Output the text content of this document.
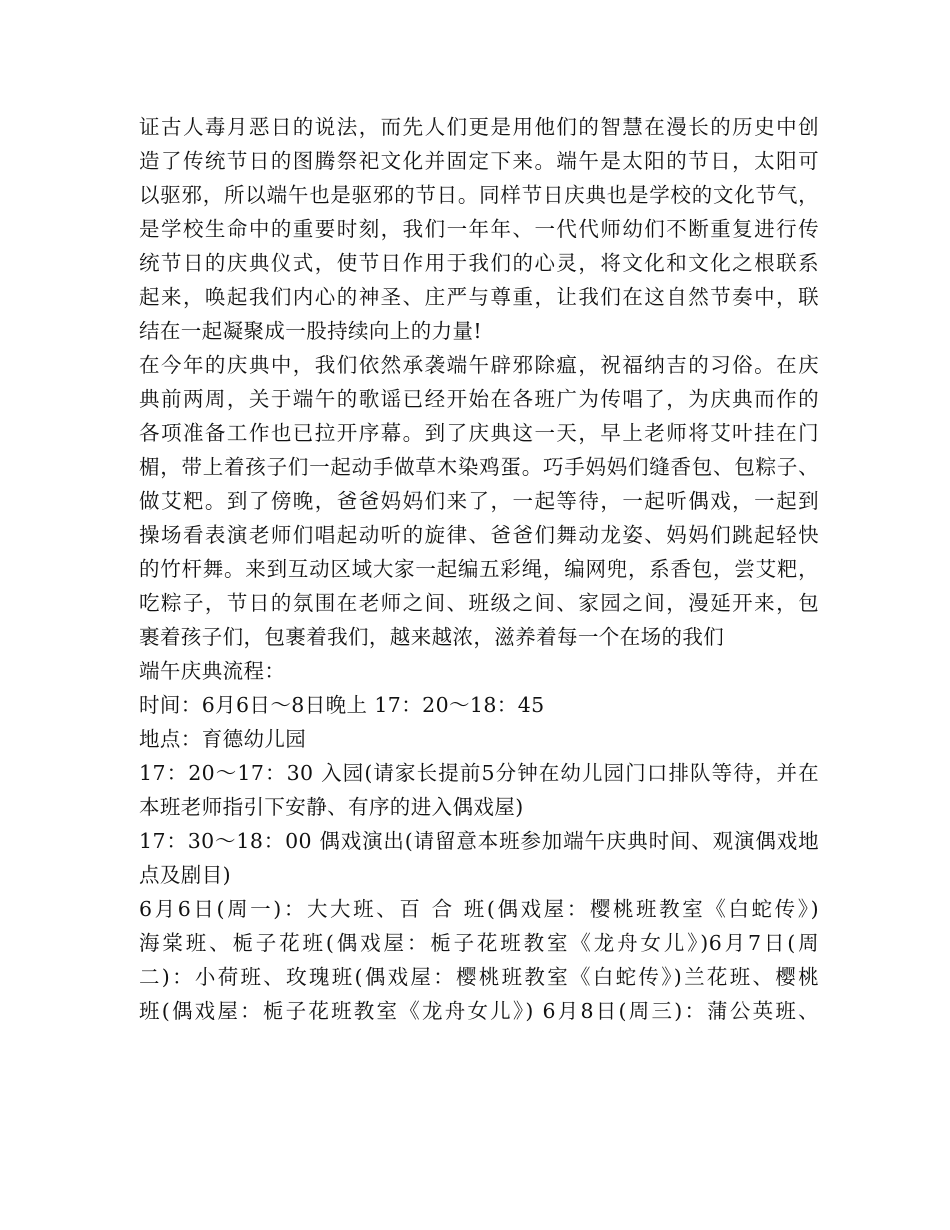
证古人毒月恶日的说法，而先人们更是用他们的智慧在漫长的历史中创
造了传统节日的图腾祭祀文化并固定下来。端午是太阳的节日，太阳可
以驱邪，所以端午也是驱邪的节日。同样节日庆典也是学校的文化节气，
是学校生命中的重要时刻，我们一年年、一代代师幼们不断重复进行传
统节日的庆典仪式，使节日作用于我们的心灵，将文化和文化之根联系
起来，唤起我们内心的神圣、庄严与尊重，让我们在这自然节奏中，联
结在一起凝聚成一股持续向上的力量!
在今年的庆典中，我们依然承袭端午辟邪除瘟，祝福纳吉的习俗。在庆
典前两周，关于端午的歌谣已经开始在各班广为传唱了，为庆典而作的
各项准备工作也已拉开序幕。到了庆典这一天，早上老师将艾叶挂在门
楣，带上着孩子们一起动手做草木染鸡蛋。巧手妈妈们缝香包、包粽子、
做艾粑。到了傍晚，爸爸妈妈们来了，一起等待，一起听偶戏，一起到
操场看表演老师们唱起动听的旋律、爸爸们舞动龙姿、妈妈们跳起轻快
的竹杆舞。来到互动区域大家一起编五彩绳，编网兜，系香包，尝艾粑，
吃粽子，节日的氛围在老师之间、班级之间、家园之间，漫延开来，包
裹着孩子们，包裹着我们，越来越浓，滋养着每一个在场的我们
端午庆典流程：
时间：6月6日～8日晚上 17：20～18：45
地点：育德幼儿园
17：20～17：30 入园(请家长提前5分钟在幼儿园门口排队等待，并在
本班老师指引下安静、有序的进入偶戏屋)
17：30～18：00 偶戏演出(请留意本班参加端午庆典时间、观演偶戏地
点及剧目)
6月6日(周一)：大大班、百 合 班(偶戏屋：樱桃班教室《白蛇传》)
海棠班、栀子花班(偶戏屋：栀子花班教室《龙舟女儿》)6月7日(周
二)：小荷班、玫瑰班(偶戏屋：樱桃班教室《白蛇传》)兰花班、樱桃
班(偶戏屋：栀子花班教室《龙舟女儿》) 6月8日(周三)：蒲公英班、
